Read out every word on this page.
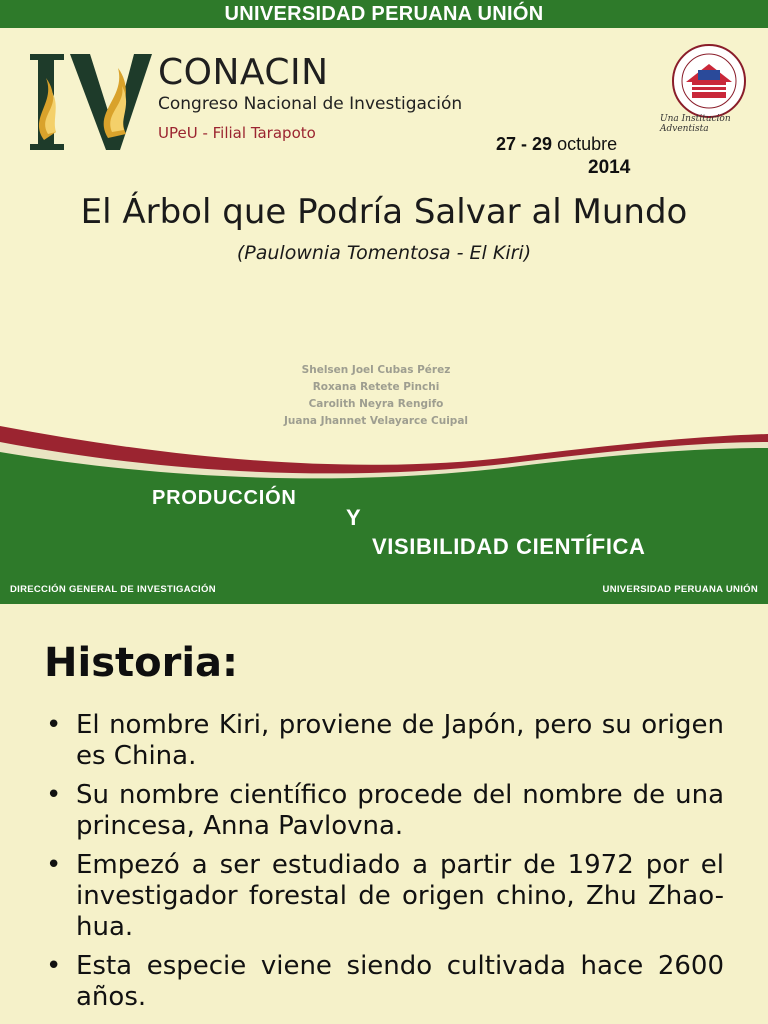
UNIVERSIDAD PERUANA UNIÓN
CONACIN
Congreso Nacional de Investigación
UPeU - Filial Tarapoto
Una Institución Adventista
27 - 29 octubre
2014
El Árbol que Podría Salvar al Mundo
(Paulownia Tomentosa - El Kiri)
Shelsen Joel Cubas Pérez
Roxana Retete Pinchi
Carolith Neyra Rengifo
Juana Jhannet Velayarce Cuipal
PRODUCCIÓN
Y
VISIBILIDAD CIENTÍFICA
DIRECCIÓN GENERAL DE INVESTIGACIÓN	UNIVERSIDAD PERUANA UNIÓN
Historia:
• El nombre Kiri, proviene de Japón, pero su origen es China.
• Su nombre científico procede del nombre de una princesa, Anna Pavlovna.
• Empezó a ser estudiado a partir de 1972 por el investigador forestal de origen chino, Zhu Zhao-hua.
• Esta especie viene siendo cultivada hace 2600 años.
